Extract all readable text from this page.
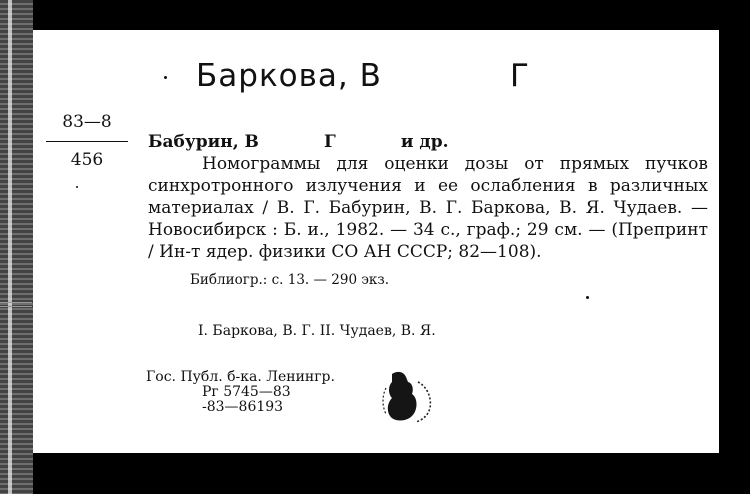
Баркова, В	Г
83—8
456
Бабурин, В           Г           и др.
Номограммы для оценки дозы от прямых пучков синхротронного излучения и ее ослабления в различных материалах / В. Г. Бабурин, В. Г. Баркова, В. Я. Чудаев. — Новосибирск : Б. и., 1982. — 34 с., граф.; 29 см. — (Препринт / Ин-т ядер. физики СО АН СССР; 82—108).
Библиогр.: с. 13. — 290 экз.
I. Баркова, В. Г. II. Чудаев, В. Я.
Гос. Публ. б-ка. Ленингр.
Рг 5745—83
-83—86193
